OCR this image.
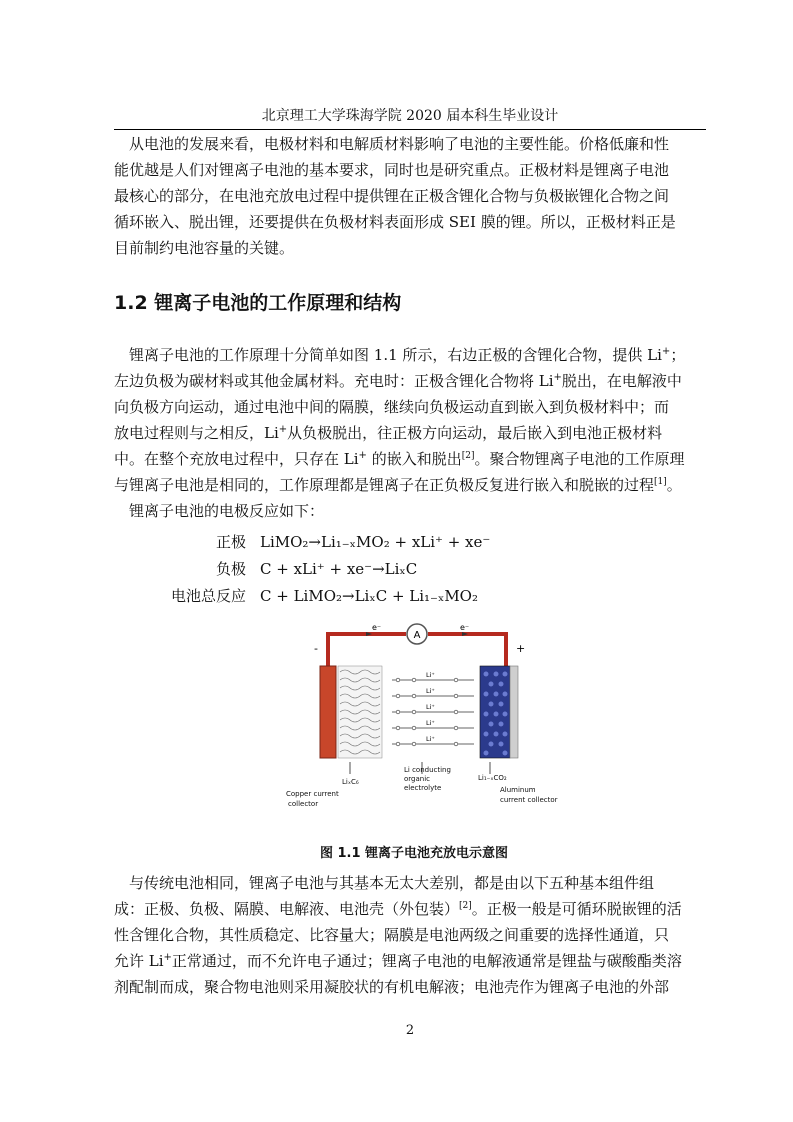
北京理工大学珠海学院 2020 届本科生毕业设计
从电池的发展来看，电极材料和电解质材料影响了电池的主要性能。价格低廉和性
能优越是人们对锂离子电池的基本要求，同时也是研究重点。正极材料是锂离子电池
最核心的部分，在电池充放电过程中提供锂在正极含锂化合物与负极嵌锂化合物之间
循环嵌入、脱出锂，还要提供在负极材料表面形成 SEI 膜的锂。所以，正极材料正是
目前制约电池容量的关键。
1.2 锂离子电池的工作原理和结构
锂离子电池的工作原理十分简单如图 1.1 所示，右边正极的含锂化合物，提供 Li+；
左边负极为碳材料或其他金属材料。充电时：正极含锂化合物将 Li+脱出，在电解液中
向负极方向运动，通过电池中间的隔膜，继续向负极运动直到嵌入到负极材料中；而
放电过程则与之相反，Li+从负极脱出，往正极方向运动，最后嵌入到电池正极材料
中。在整个充放电过程中，只存在 Li+ 的嵌入和脱出[2]。聚合物锂离子电池的工作原理
与锂离子电池是相同的，工作原理都是锂离子在正负极反复进行嵌入和脱嵌的过程[1]。
锂离子电池的电极反应如下：
正极 LiMO₂→Li₁₋ₓMO₂ + xLi⁺ + xe⁻
负极 C + xLi⁺ + xe⁻→LiₓC
电池总反应 C + LiMO₂→LiₓC + Li₁₋ₓMO₂
A
e⁻	e⁻
-	+
Li⁺
Li⁺
Li⁺
Li⁺
Li⁺
LiₓC₆
Li conducting
organic
electrolyte
Li₁₋ₓCO₂
Copper current
collector
Aluminum
current collector
图 1.1 锂离子电池充放电示意图
与传统电池相同，锂离子电池与其基本无太大差别，都是由以下五种基本组件组
成：正极、负极、隔膜、电解液、电池壳（外包装）[2]。正极一般是可循环脱嵌锂的活
性含锂化合物，其性质稳定、比容量大；隔膜是电池两级之间重要的选择性通道，只
允许 Li+正常通过，而不允许电子通过；锂离子电池的电解液通常是锂盐与碳酸酯类溶
剂配制而成，聚合物电池则采用凝胶状的有机电解液；电池壳作为锂离子电池的外部
2
